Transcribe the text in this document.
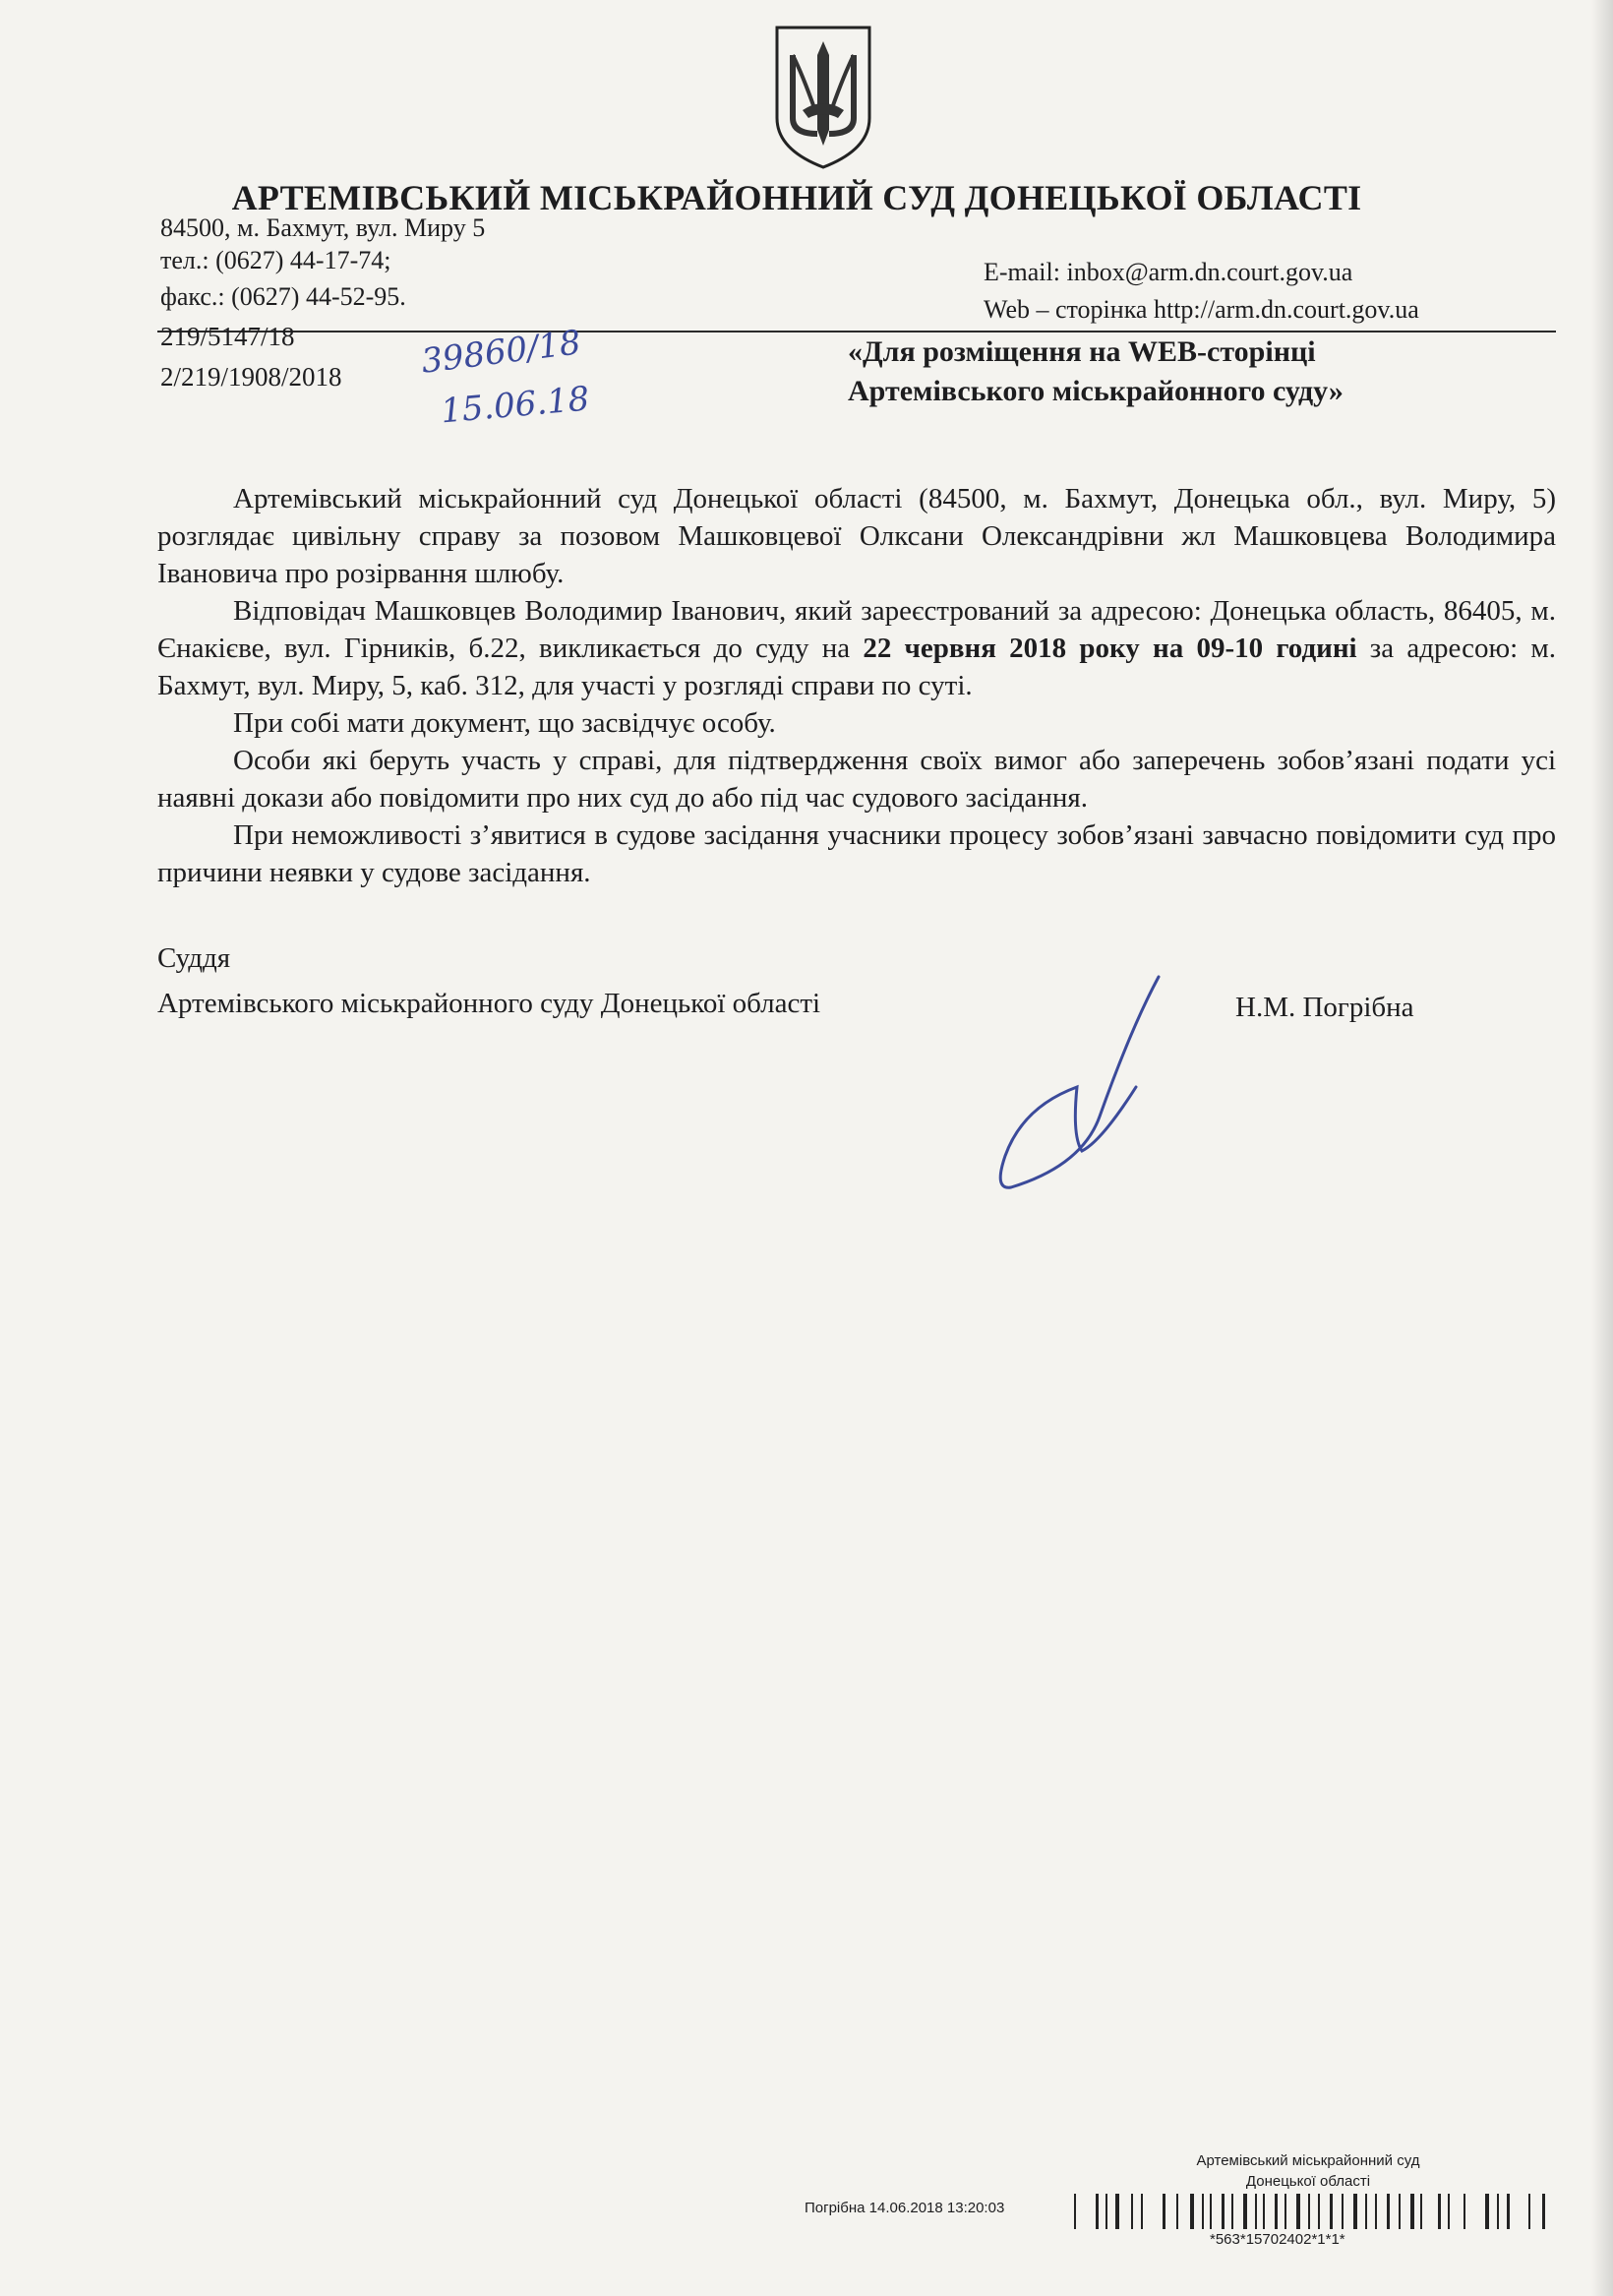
АРТЕМІВСЬКИЙ МІСЬКРАЙОННИЙ СУД ДОНЕЦЬКОЇ ОБЛАСТІ
84500, м. Бахмут, вул. Миру 5
тел.: (0627) 44-17-74;
факс.: (0627) 44-52-95.
E-mail: inbox@arm.dn.court.gov.ua
Web – сторінка http://arm.dn.court.gov.ua
219/5147/18
2/219/1908/2018 39860/18
15.06.18
«Для розміщення на WEB-сторінці
Артемівського міськрайонного суду»

Артемівський міськрайонний суд Донецької області (84500, м. Бахмут, Донецька обл., вул. Миру, 5) розглядає цивільну справу за позовом Машковцевої Олксани Олександрівни жл Машковцева Володимира Івановича про розірвання шлюбу.

Відповідач Машковцев Володимир Іванович, який зареєстрований за адресою: Донецька область, 86405, м. Єнакієве, вул. Гірників, б.22, викликається до суду на 22 червня 2018 року на 09-10 годині за адресою: м. Бахмут, вул. Миру, 5, каб. 312, для участі у розгляді справи по суті.

При собі мати документ, що засвідчує особу.

Особи які беруть участь у справі, для підтвердження своїх вимог або заперечень зобов’язані подати усі наявні докази або повідомити про них суд до або під час судового засідання.

При неможливості з’явитися в судове засідання учасники процесу зобов’язані завчасно повідомити суд про причини неявки у судове засідання.

Суддя
Артемівського міськрайонного суду Донецької області	Н.М. Погрібна
Артемівський міськрайонний суд
Донецької області
Погрібна 14.06.2018 13:20:03
*563*15702402*1*1*
